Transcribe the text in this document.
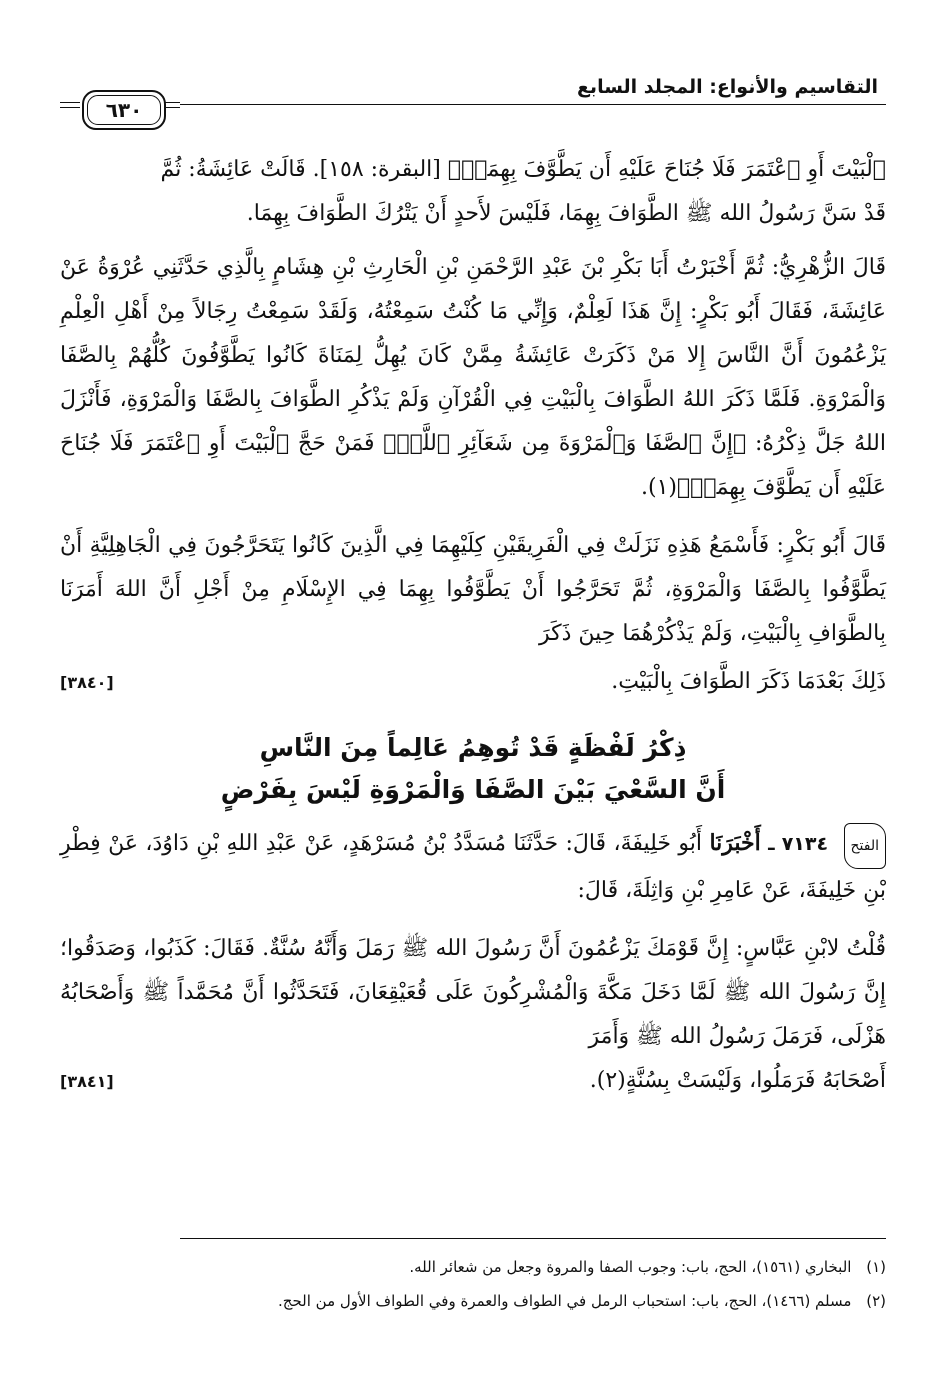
التقاسيم والأنواع: المجلد السابع
٦٣٠

ٱلْبَيْتَ أَوِ ٱعْتَمَرَ فَلَا جُنَاحَ عَلَيْهِ أَن يَطَّوَّفَ بِهِمَاۚ﴾ [البقرة: ١٥٨]. قَالَتْ عَائِشَةُ: ثُمَّ
قَدْ سَنَّ رَسُولُ الله ﷺ الطَّوَافَ بِهِمَا، فَلَيْسَ لأَحدٍ أَنْ يَتْرُكَ الطَّوَافَ بِهِمَا.

قَالَ الزُّهْرِيُّ: ثُمَّ أَخْبَرْتُ أَبَا بَكْرِ بْنَ عَبْدِ الرَّحْمَنِ بْنِ الْحَارِثِ بْنِ هِشَامٍ بِالَّذِي حَدَّثَنِي عُرْوَةُ عَنْ عَائِشَةَ، فَقَالَ أَبُو بَكْرٍ: إِنَّ هَذَا لَعِلْمٌ، وَإِنِّي مَا كُنْتُ سَمِعْتُهُ، وَلَقَدْ سَمِعْتُ رِجَالاً مِنْ أَهْلِ الْعِلْمِ يَزْعُمُونَ أَنَّ النَّاسَ إِلا مَنْ ذَكَرَتْ عَائِشَةُ مِمَّنْ كَانَ يُهِلُّ لِمَنَاةَ كَانُوا يَطَّوَّفُونَ كُلُّهُمْ بِالصَّفَا وَالْمَرْوَةِ. فَلَمَّا ذَكَرَ اللهُ الطَّوَافَ بِالْبَيْتِ فِي الْقُرْآنِ وَلَمْ يَذْكُرِ الطَّوَافَ بِالصَّفَا وَالْمَرْوَةِ، فَأَنْزَلَ اللهُ جَلَّ ذِكْرُهُ: ﴿إِنَّ ٱلصَّفَا وَٱلْمَرْوَةَ مِن شَعَآئِرِ ٱللَّهِۖ فَمَنْ حَجَّ ٱلْبَيْتَ أَوِ ٱعْتَمَرَ فَلَا جُنَاحَ عَلَيْهِ أَن يَطَّوَّفَ بِهِمَاۚ﴾(١).

قَالَ أَبُو بَكْرٍ: فَأَسْمَعُ هَذِهِ نَزَلَتْ فِي الْفَرِيقَيْنِ كِلَيْهِمَا فِي الَّذِينَ كَانُوا يَتَحَرَّجُونَ فِي الْجَاهِلِيَّةِ أَنْ يَطَّوَّفُوا بِالصَّفَا وَالْمَرْوَةِ، ثُمَّ تَحَرَّجُوا أَنْ يَطَّوَّفُوا بِهِمَا فِي الإِسْلَامِ مِنْ أَجْلِ أَنَّ اللهَ أَمَرَنَا بِالطَّوَافِ بِالْبَيْتِ، وَلَمْ يَذْكُرْهُمَا حِينَ ذَكَرَ

ذَلِكَ بَعْدَمَا ذَكَرَ الطَّوَافَ بِالْبَيْتِ.
[٣٨٤٠]
ذِكْرُ لَفْظَةٍ قَدْ تُوهِمُ عَالِماً مِنَ النَّاسِ
أَنَّ السَّعْيَ بَيْنَ الصَّفَا وَالْمَرْوَةِ لَيْسَ بِفَرْضٍ

الفتح ٧١٣٤ ـ أَخْبَرَنَا أَبُو خَلِيفَةَ، قَالَ: حَدَّثَنَا مُسَدَّدُ بْنُ مُسَرْهَدٍ، عَنْ عَبْدِ اللهِ بْنِ دَاوُدَ، عَنْ فِطْرِ بْنِ خَلِيفَةَ، عَنْ عَامِرِ بْنِ وَاثِلَةَ، قَالَ:

قُلْتُ لابْنِ عَبَّاسٍ: إِنَّ قَوْمَكَ يَزْعُمُونَ أَنَّ رَسُولَ الله ﷺ رَمَلَ وَأَنَّهُ سُنَّةٌ. فَقَالَ: كَذَبُوا، وَصَدَقُوا؛ إِنَّ رَسُولَ الله ﷺ لَمَّا دَخَلَ مَكَّةَ وَالْمُشْرِكُونَ عَلَى قُعَيْقِعَانَ، فَتَحَدَّثُوا أَنَّ مُحَمَّداً ﷺ وَأَصْحَابُهُ هَزْلَى، فَرَمَلَ رَسُولُ الله ﷺ وَأَمَرَ

أَصْحَابَهُ فَرَمَلُوا، وَلَيْسَتْ بِسُنَّةٍ(٢).
[٣٨٤١]
(١) البخاري (١٥٦١)، الحج، باب: وجوب الصفا والمروة وجعل من شعائر الله.
(٢) مسلم (١٤٦٦)، الحج، باب: استحباب الرمل في الطواف والعمرة وفي الطواف الأول من الحج.
